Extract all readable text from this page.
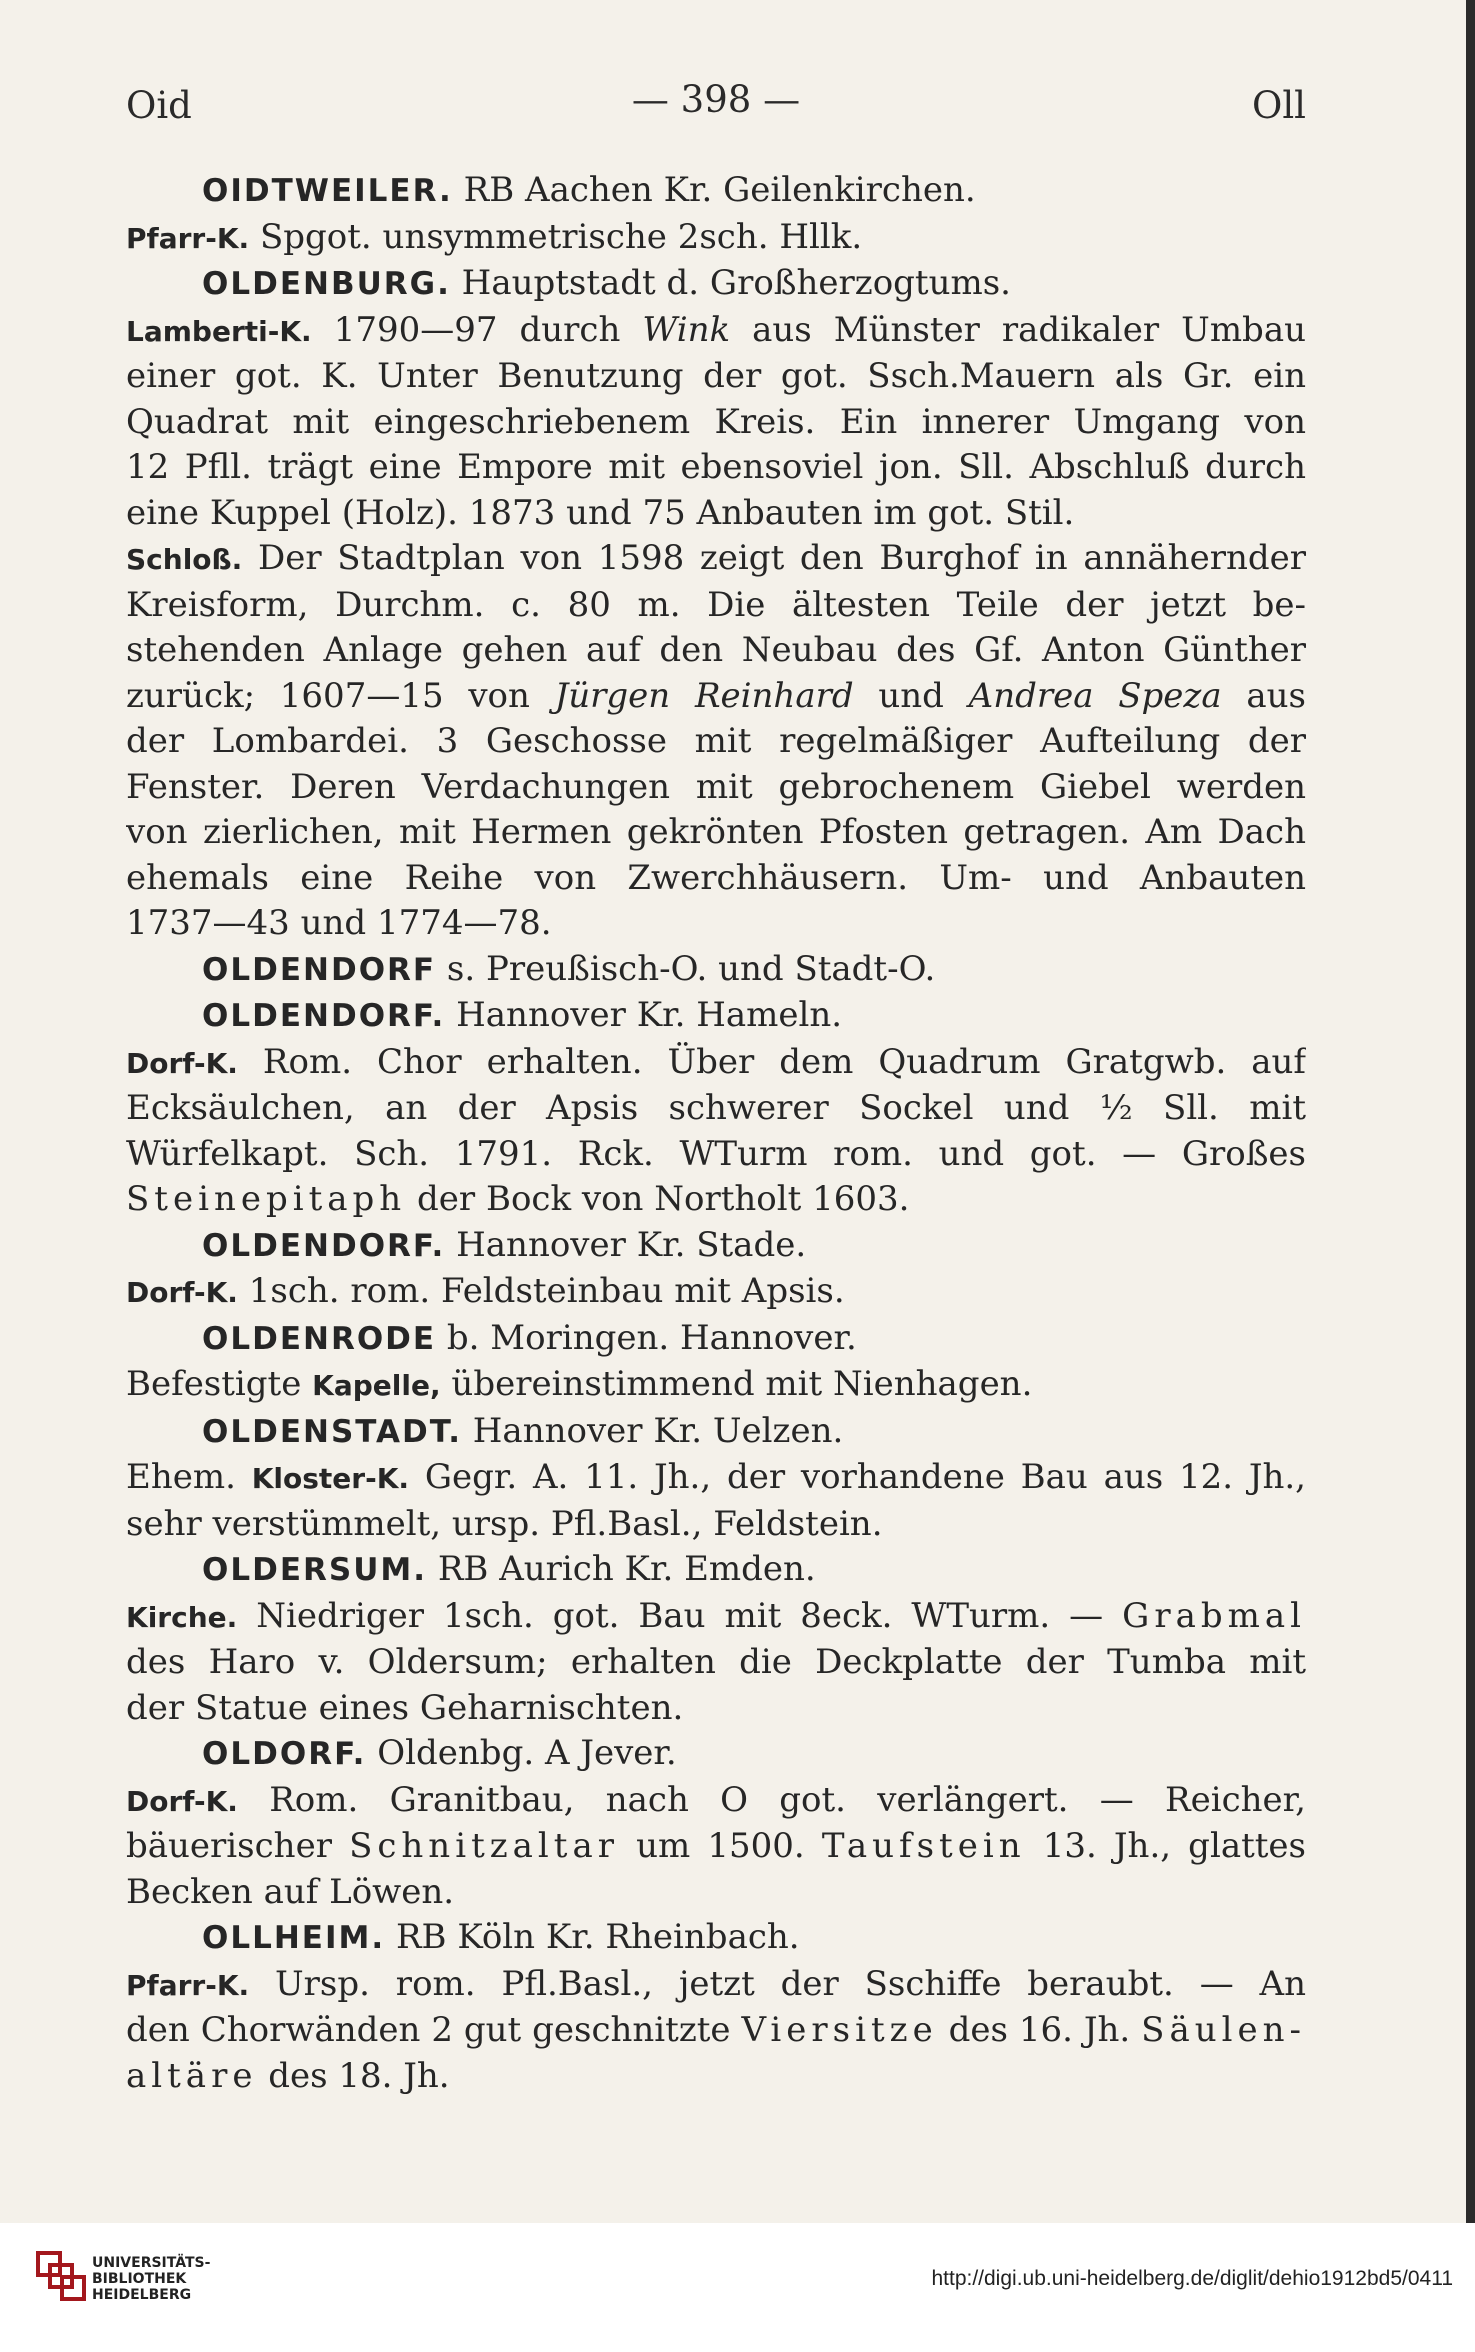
Oid	— 398 —	Oll
OIDTWEILER. RB Aachen Kr. Geilenkirchen.
Pfarr-K. Spgot. unsymmetrische 2sch. Hllk.
OLDENBURG. Hauptstadt d. Großherzogtums.
Lamberti-K. 1790—97 durch Wink aus Münster radikaler Umbau
einer got. K. Unter Benutzung der got. Ssch.Mauern als Gr. ein
Quadrat mit eingeschriebenem Kreis. Ein innerer Umgang von
12 Pfll. trägt eine Empore mit ebensoviel jon. Sll. Abschluß durch
eine Kuppel (Holz). 1873 und 75 Anbauten im got. Stil.
Schloß. Der Stadtplan von 1598 zeigt den Burghof in annähernder
Kreisform, Durchm. c. 80 m. Die ältesten Teile der jetzt be-
stehenden Anlage gehen auf den Neubau des Gf. Anton Günther
zurück; 1607—15 von Jürgen Reinhard und Andrea Speza aus
der Lombardei. 3 Geschosse mit regelmäßiger Aufteilung der
Fenster. Deren Verdachungen mit gebrochenem Giebel werden
von zierlichen, mit Hermen gekrönten Pfosten getragen. Am Dach
ehemals eine Reihe von Zwerchhäusern. Um- und Anbauten
1737—43 und 1774—78.
OLDENDORF s. Preußisch-O. und Stadt-O.
OLDENDORF. Hannover Kr. Hameln.
Dorf-K. Rom. Chor erhalten. Über dem Quadrum Gratgwb. auf
Ecksäulchen, an der Apsis schwerer Sockel und ½ Sll. mit
Würfelkapt. Sch. 1791. Rck. WTurm rom. und got. — Großes
Steinepitaph der Bock von Northolt 1603.
OLDENDORF. Hannover Kr. Stade.
Dorf-K. 1sch. rom. Feldsteinbau mit Apsis.
OLDENRODE b. Moringen. Hannover.
Befestigte Kapelle, übereinstimmend mit Nienhagen.
OLDENSTADT. Hannover Kr. Uelzen.
Ehem. Kloster-K. Gegr. A. 11. Jh., der vorhandene Bau aus 12. Jh.,
sehr verstümmelt, ursp. Pfl.Basl., Feldstein.
OLDERSUM. RB Aurich Kr. Emden.
Kirche. Niedriger 1sch. got. Bau mit 8eck. WTurm. — Grabmal
des Haro v. Oldersum; erhalten die Deckplatte der Tumba mit
der Statue eines Geharnischten.
OLDORF. Oldenbg. A Jever.
Dorf-K. Rom. Granitbau, nach O got. verlängert. — Reicher,
bäuerischer Schnitzaltar um 1500. Taufstein 13. Jh., glattes
Becken auf Löwen.
OLLHEIM. RB Köln Kr. Rheinbach.
Pfarr-K. Ursp. rom. Pfl.Basl., jetzt der Sschiffe beraubt. — An
den Chorwänden 2 gut geschnitzte Viersitze des 16. Jh. Säulen-
altäre des 18. Jh.
UNIVERSITÄTS-
BIBLIOTHEK
HEIDELBERG
http://digi.ub.uni-heidelberg.de/diglit/dehio1912bd5/0411
